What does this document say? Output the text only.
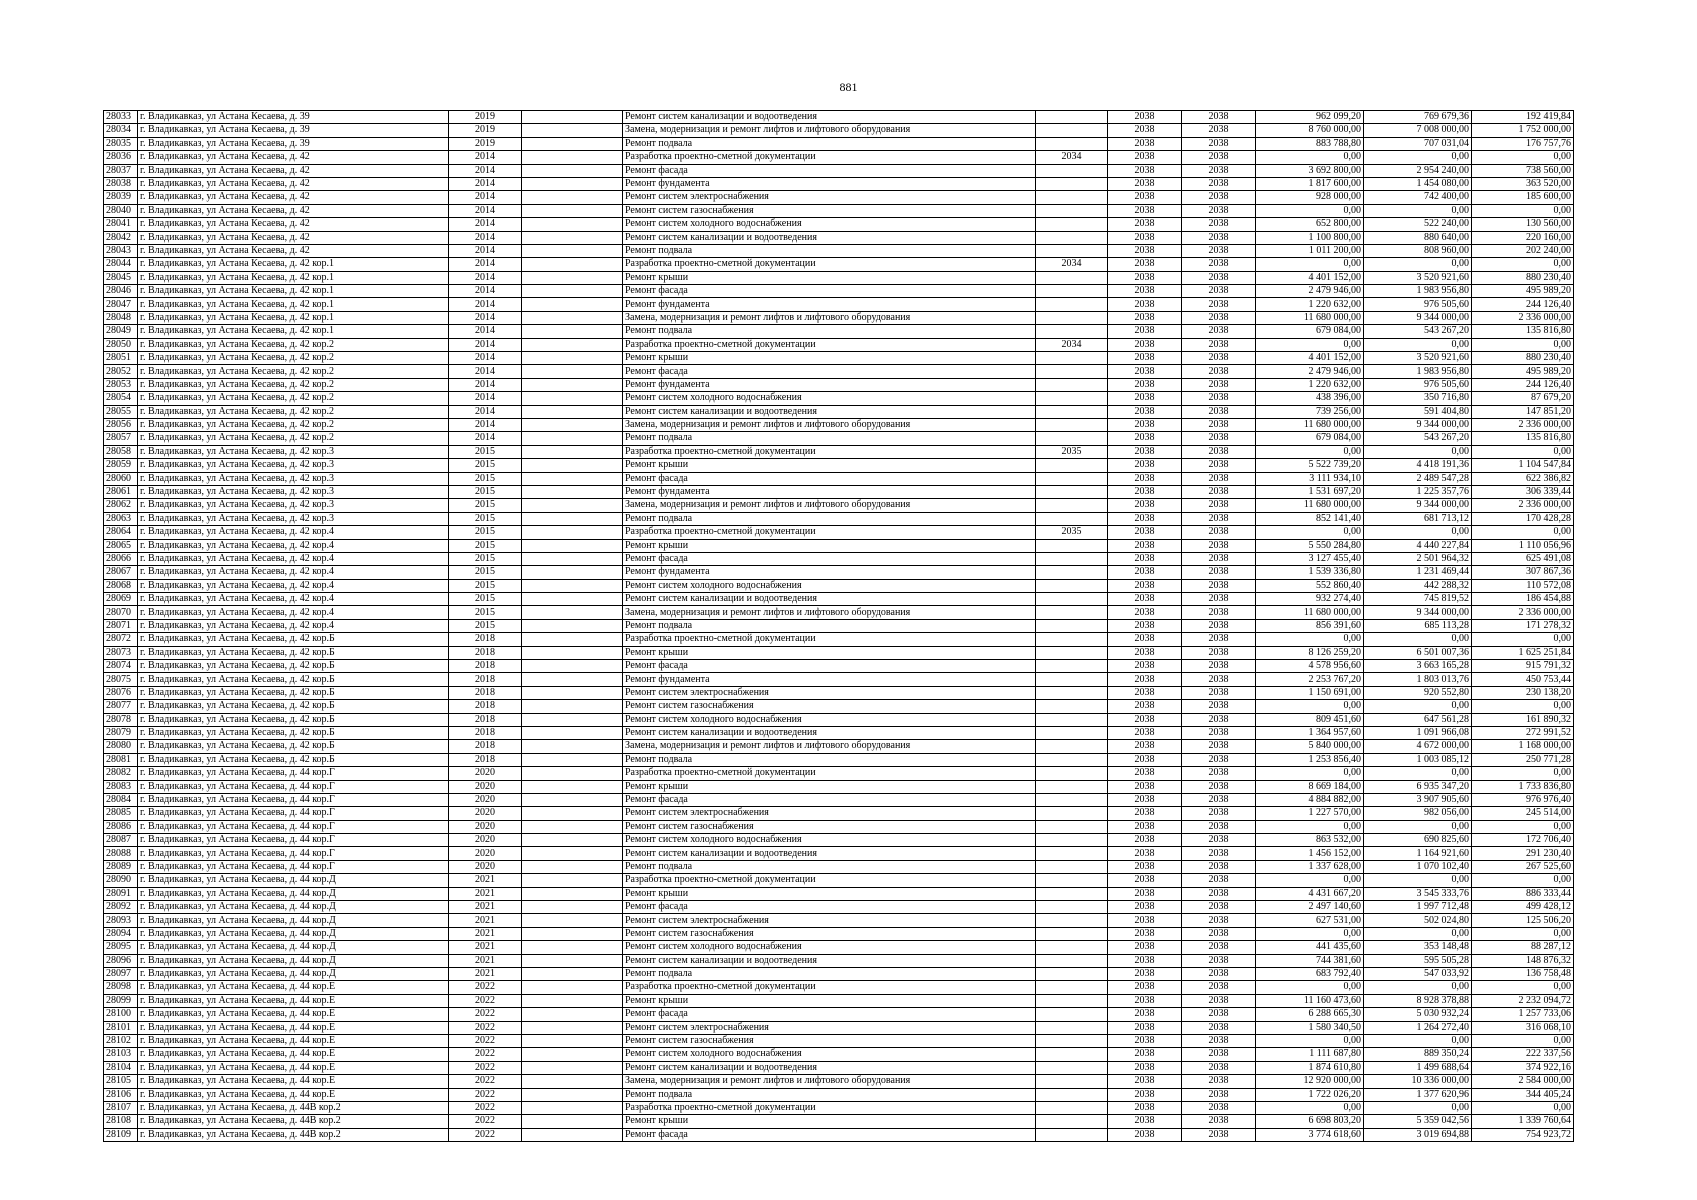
881
28033	г. Владикавказ, ул Астана Кесаева, д. 39	2019		Ремонт систем канализации и водоотведения		2038	2038	962 099,20	769 679,36	192 419,84
28034	г. Владикавказ, ул Астана Кесаева, д. 39	2019		Замена, модернизация и ремонт лифтов и лифтового оборудования		2038	2038	8 760 000,00	7 008 000,00	1 752 000,00
28035	г. Владикавказ, ул Астана Кесаева, д. 39	2019		Ремонт подвала		2038	2038	883 788,80	707 031,04	176 757,76
28036	г. Владикавказ, ул Астана Кесаева, д. 42	2014		Разработка проектно-сметной документации	2034	2038	2038	0,00	0,00	0,00
28037	г. Владикавказ, ул Астана Кесаева, д. 42	2014		Ремонт фасада		2038	2038	3 692 800,00	2 954 240,00	738 560,00
28038	г. Владикавказ, ул Астана Кесаева, д. 42	2014		Ремонт фундамента		2038	2038	1 817 600,00	1 454 080,00	363 520,00
28039	г. Владикавказ, ул Астана Кесаева, д. 42	2014		Ремонт систем электроснабжения		2038	2038	928 000,00	742 400,00	185 600,00
28040	г. Владикавказ, ул Астана Кесаева, д. 42	2014		Ремонт систем газоснабжения		2038	2038	0,00	0,00	0,00
28041	г. Владикавказ, ул Астана Кесаева, д. 42	2014		Ремонт систем холодного водоснабжения		2038	2038	652 800,00	522 240,00	130 560,00
28042	г. Владикавказ, ул Астана Кесаева, д. 42	2014		Ремонт систем канализации и водоотведения		2038	2038	1 100 800,00	880 640,00	220 160,00
28043	г. Владикавказ, ул Астана Кесаева, д. 42	2014		Ремонт подвала		2038	2038	1 011 200,00	808 960,00	202 240,00
28044	г. Владикавказ, ул Астана Кесаева, д. 42 кор.1	2014		Разработка проектно-сметной документации	2034	2038	2038	0,00	0,00	0,00
28045	г. Владикавказ, ул Астана Кесаева, д. 42 кор.1	2014		Ремонт крыши		2038	2038	4 401 152,00	3 520 921,60	880 230,40
28046	г. Владикавказ, ул Астана Кесаева, д. 42 кор.1	2014		Ремонт фасада		2038	2038	2 479 946,00	1 983 956,80	495 989,20
28047	г. Владикавказ, ул Астана Кесаева, д. 42 кор.1	2014		Ремонт фундамента		2038	2038	1 220 632,00	976 505,60	244 126,40
28048	г. Владикавказ, ул Астана Кесаева, д. 42 кор.1	2014		Замена, модернизация и ремонт лифтов и лифтового оборудования		2038	2038	11 680 000,00	9 344 000,00	2 336 000,00
28049	г. Владикавказ, ул Астана Кесаева, д. 42 кор.1	2014		Ремонт подвала		2038	2038	679 084,00	543 267,20	135 816,80
28050	г. Владикавказ, ул Астана Кесаева, д. 42 кор.2	2014		Разработка проектно-сметной документации	2034	2038	2038	0,00	0,00	0,00
28051	г. Владикавказ, ул Астана Кесаева, д. 42 кор.2	2014		Ремонт крыши		2038	2038	4 401 152,00	3 520 921,60	880 230,40
28052	г. Владикавказ, ул Астана Кесаева, д. 42 кор.2	2014		Ремонт фасада		2038	2038	2 479 946,00	1 983 956,80	495 989,20
28053	г. Владикавказ, ул Астана Кесаева, д. 42 кор.2	2014		Ремонт фундамента		2038	2038	1 220 632,00	976 505,60	244 126,40
28054	г. Владикавказ, ул Астана Кесаева, д. 42 кор.2	2014		Ремонт систем холодного водоснабжения		2038	2038	438 396,00	350 716,80	87 679,20
28055	г. Владикавказ, ул Астана Кесаева, д. 42 кор.2	2014		Ремонт систем канализации и водоотведения		2038	2038	739 256,00	591 404,80	147 851,20
28056	г. Владикавказ, ул Астана Кесаева, д. 42 кор.2	2014		Замена, модернизация и ремонт лифтов и лифтового оборудования		2038	2038	11 680 000,00	9 344 000,00	2 336 000,00
28057	г. Владикавказ, ул Астана Кесаева, д. 42 кор.2	2014		Ремонт подвала		2038	2038	679 084,00	543 267,20	135 816,80
28058	г. Владикавказ, ул Астана Кесаева, д. 42 кор.3	2015		Разработка проектно-сметной документации	2035	2038	2038	0,00	0,00	0,00
28059	г. Владикавказ, ул Астана Кесаева, д. 42 кор.3	2015		Ремонт крыши		2038	2038	5 522 739,20	4 418 191,36	1 104 547,84
28060	г. Владикавказ, ул Астана Кесаева, д. 42 кор.3	2015		Ремонт фасада		2038	2038	3 111 934,10	2 489 547,28	622 386,82
28061	г. Владикавказ, ул Астана Кесаева, д. 42 кор.3	2015		Ремонт фундамента		2038	2038	1 531 697,20	1 225 357,76	306 339,44
28062	г. Владикавказ, ул Астана Кесаева, д. 42 кор.3	2015		Замена, модернизация и ремонт лифтов и лифтового оборудования		2038	2038	11 680 000,00	9 344 000,00	2 336 000,00
28063	г. Владикавказ, ул Астана Кесаева, д. 42 кор.3	2015		Ремонт подвала		2038	2038	852 141,40	681 713,12	170 428,28
28064	г. Владикавказ, ул Астана Кесаева, д. 42 кор.4	2015		Разработка проектно-сметной документации	2035	2038	2038	0,00	0,00	0,00
28065	г. Владикавказ, ул Астана Кесаева, д. 42 кор.4	2015		Ремонт крыши		2038	2038	5 550 284,80	4 440 227,84	1 110 056,96
28066	г. Владикавказ, ул Астана Кесаева, д. 42 кор.4	2015		Ремонт фасада		2038	2038	3 127 455,40	2 501 964,32	625 491,08
28067	г. Владикавказ, ул Астана Кесаева, д. 42 кор.4	2015		Ремонт фундамента		2038	2038	1 539 336,80	1 231 469,44	307 867,36
28068	г. Владикавказ, ул Астана Кесаева, д. 42 кор.4	2015		Ремонт систем холодного водоснабжения		2038	2038	552 860,40	442 288,32	110 572,08
28069	г. Владикавказ, ул Астана Кесаева, д. 42 кор.4	2015		Ремонт систем канализации и водоотведения		2038	2038	932 274,40	745 819,52	186 454,88
28070	г. Владикавказ, ул Астана Кесаева, д. 42 кор.4	2015		Замена, модернизация и ремонт лифтов и лифтового оборудования		2038	2038	11 680 000,00	9 344 000,00	2 336 000,00
28071	г. Владикавказ, ул Астана Кесаева, д. 42 кор.4	2015		Ремонт подвала		2038	2038	856 391,60	685 113,28	171 278,32
28072	г. Владикавказ, ул Астана Кесаева, д. 42 кор.Б	2018		Разработка проектно-сметной документации		2038	2038	0,00	0,00	0,00
28073	г. Владикавказ, ул Астана Кесаева, д. 42 кор.Б	2018		Ремонт крыши		2038	2038	8 126 259,20	6 501 007,36	1 625 251,84
28074	г. Владикавказ, ул Астана Кесаева, д. 42 кор.Б	2018		Ремонт фасада		2038	2038	4 578 956,60	3 663 165,28	915 791,32
28075	г. Владикавказ, ул Астана Кесаева, д. 42 кор.Б	2018		Ремонт фундамента		2038	2038	2 253 767,20	1 803 013,76	450 753,44
28076	г. Владикавказ, ул Астана Кесаева, д. 42 кор.Б	2018		Ремонт систем электроснабжения		2038	2038	1 150 691,00	920 552,80	230 138,20
28077	г. Владикавказ, ул Астана Кесаева, д. 42 кор.Б	2018		Ремонт систем газоснабжения		2038	2038	0,00	0,00	0,00
28078	г. Владикавказ, ул Астана Кесаева, д. 42 кор.Б	2018		Ремонт систем холодного водоснабжения		2038	2038	809 451,60	647 561,28	161 890,32
28079	г. Владикавказ, ул Астана Кесаева, д. 42 кор.Б	2018		Ремонт систем канализации и водоотведения		2038	2038	1 364 957,60	1 091 966,08	272 991,52
28080	г. Владикавказ, ул Астана Кесаева, д. 42 кор.Б	2018		Замена, модернизация и ремонт лифтов и лифтового оборудования		2038	2038	5 840 000,00	4 672 000,00	1 168 000,00
28081	г. Владикавказ, ул Астана Кесаева, д. 42 кор.Б	2018		Ремонт подвала		2038	2038	1 253 856,40	1 003 085,12	250 771,28
28082	г. Владикавказ, ул Астана Кесаева, д. 44 кор.Г	2020		Разработка проектно-сметной документации		2038	2038	0,00	0,00	0,00
28083	г. Владикавказ, ул Астана Кесаева, д. 44 кор.Г	2020		Ремонт крыши		2038	2038	8 669 184,00	6 935 347,20	1 733 836,80
28084	г. Владикавказ, ул Астана Кесаева, д. 44 кор.Г	2020		Ремонт фасада		2038	2038	4 884 882,00	3 907 905,60	976 976,40
28085	г. Владикавказ, ул Астана Кесаева, д. 44 кор.Г	2020		Ремонт систем электроснабжения		2038	2038	1 227 570,00	982 056,00	245 514,00
28086	г. Владикавказ, ул Астана Кесаева, д. 44 кор.Г	2020		Ремонт систем газоснабжения		2038	2038	0,00	0,00	0,00
28087	г. Владикавказ, ул Астана Кесаева, д. 44 кор.Г	2020		Ремонт систем холодного водоснабжения		2038	2038	863 532,00	690 825,60	172 706,40
28088	г. Владикавказ, ул Астана Кесаева, д. 44 кор.Г	2020		Ремонт систем канализации и водоотведения		2038	2038	1 456 152,00	1 164 921,60	291 230,40
28089	г. Владикавказ, ул Астана Кесаева, д. 44 кор.Г	2020		Ремонт подвала		2038	2038	1 337 628,00	1 070 102,40	267 525,60
28090	г. Владикавказ, ул Астана Кесаева, д. 44 кор.Д	2021		Разработка проектно-сметной документации		2038	2038	0,00	0,00	0,00
28091	г. Владикавказ, ул Астана Кесаева, д. 44 кор.Д	2021		Ремонт крыши		2038	2038	4 431 667,20	3 545 333,76	886 333,44
28092	г. Владикавказ, ул Астана Кесаева, д. 44 кор.Д	2021		Ремонт фасада		2038	2038	2 497 140,60	1 997 712,48	499 428,12
28093	г. Владикавказ, ул Астана Кесаева, д. 44 кор.Д	2021		Ремонт систем электроснабжения		2038	2038	627 531,00	502 024,80	125 506,20
28094	г. Владикавказ, ул Астана Кесаева, д. 44 кор.Д	2021		Ремонт систем газоснабжения		2038	2038	0,00	0,00	0,00
28095	г. Владикавказ, ул Астана Кесаева, д. 44 кор.Д	2021		Ремонт систем холодного водоснабжения		2038	2038	441 435,60	353 148,48	88 287,12
28096	г. Владикавказ, ул Астана Кесаева, д. 44 кор.Д	2021		Ремонт систем канализации и водоотведения		2038	2038	744 381,60	595 505,28	148 876,32
28097	г. Владикавказ, ул Астана Кесаева, д. 44 кор.Д	2021		Ремонт подвала		2038	2038	683 792,40	547 033,92	136 758,48
28098	г. Владикавказ, ул Астана Кесаева, д. 44 кор.Е	2022		Разработка проектно-сметной документации		2038	2038	0,00	0,00	0,00
28099	г. Владикавказ, ул Астана Кесаева, д. 44 кор.Е	2022		Ремонт крыши		2038	2038	11 160 473,60	8 928 378,88	2 232 094,72
28100	г. Владикавказ, ул Астана Кесаева, д. 44 кор.Е	2022		Ремонт фасада		2038	2038	6 288 665,30	5 030 932,24	1 257 733,06
28101	г. Владикавказ, ул Астана Кесаева, д. 44 кор.Е	2022		Ремонт систем электроснабжения		2038	2038	1 580 340,50	1 264 272,40	316 068,10
28102	г. Владикавказ, ул Астана Кесаева, д. 44 кор.Е	2022		Ремонт систем газоснабжения		2038	2038	0,00	0,00	0,00
28103	г. Владикавказ, ул Астана Кесаева, д. 44 кор.Е	2022		Ремонт систем холодного водоснабжения		2038	2038	1 111 687,80	889 350,24	222 337,56
28104	г. Владикавказ, ул Астана Кесаева, д. 44 кор.Е	2022		Ремонт систем канализации и водоотведения		2038	2038	1 874 610,80	1 499 688,64	374 922,16
28105	г. Владикавказ, ул Астана Кесаева, д. 44 кор.Е	2022		Замена, модернизация и ремонт лифтов и лифтового оборудования		2038	2038	12 920 000,00	10 336 000,00	2 584 000,00
28106	г. Владикавказ, ул Астана Кесаева, д. 44 кор.Е	2022		Ремонт подвала		2038	2038	1 722 026,20	1 377 620,96	344 405,24
28107	г. Владикавказ, ул Астана Кесаева, д. 44В кор.2	2022		Разработка проектно-сметной документации		2038	2038	0,00	0,00	0,00
28108	г. Владикавказ, ул Астана Кесаева, д. 44В кор.2	2022		Ремонт крыши		2038	2038	6 698 803,20	5 359 042,56	1 339 760,64
28109	г. Владикавказ, ул Астана Кесаева, д. 44В кор.2	2022		Ремонт фасада		2038	2038	3 774 618,60	3 019 694,88	754 923,72
